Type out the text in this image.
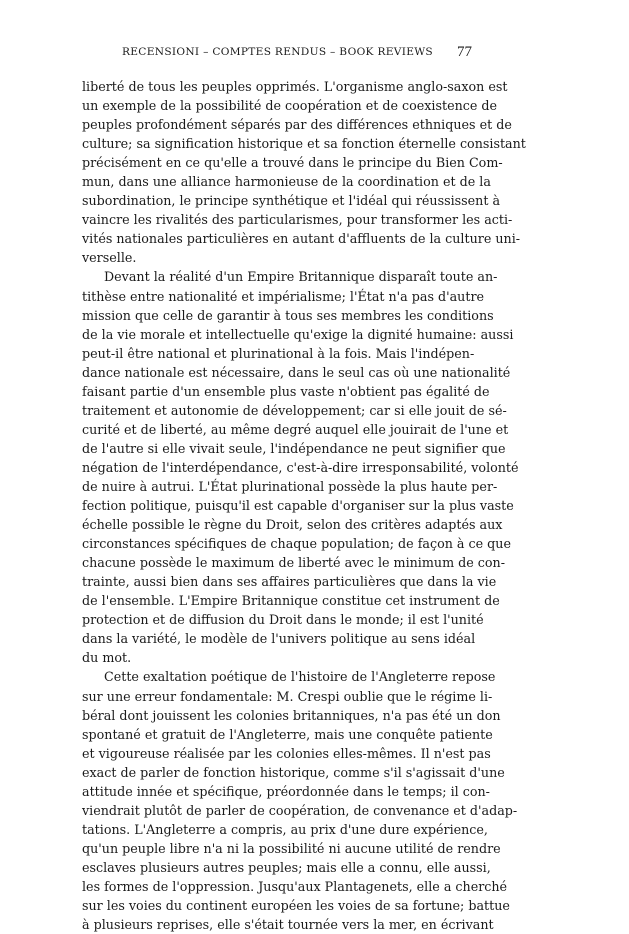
RECENSIONI – COMPTES RENDUS – BOOK REVIEWS 77
liberté de tous les peuples opprimés. L'organisme anglo-saxon est
un exemple de la possibilité de coopération et de coexistence de
peuples profondément séparés par des différences ethniques et de
culture; sa signification historique et sa fonction éternelle consistant
précisément en ce qu'elle a trouvé dans le principe du Bien Com-
mun, dans une alliance harmonieuse de la coordination et de la
subordination, le principe synthétique et l'idéal qui réussissent à
vaincre les rivalités des particularismes, pour transformer les acti-
vités nationales particulières en autant d'affluents de la culture uni-
verselle.
Devant la réalité d'un Empire Britannique disparaît toute an-
tithèse entre nationalité et impérialisme; l'État n'a pas d'autre
mission que celle de garantir à tous ses membres les conditions
de la vie morale et intellectuelle qu'exige la dignité humaine: aussi
peut-il être national et plurinational à la fois. Mais l'indépen-
dance nationale est nécessaire, dans le seul cas où une nationalité
faisant partie d'un ensemble plus vaste n'obtient pas égalité de
traitement et autonomie de développement; car si elle jouit de sé-
curité et de liberté, au même degré auquel elle jouirait de l'une et
de l'autre si elle vivait seule, l'indépendance ne peut signifier que
négation de l'interdépendance, c'est-à-dire irresponsabilité, volonté
de nuire à autrui. L'État plurinational possède la plus haute per-
fection politique, puisqu'il est capable d'organiser sur la plus vaste
échelle possible le règne du Droit, selon des critères adaptés aux
circonstances spécifiques de chaque population; de façon à ce que
chacune possède le maximum de liberté avec le minimum de con-
trainte, aussi bien dans ses affaires particulières que dans la vie
de l'ensemble. L'Empire Britannique constitue cet instrument de
protection et de diffusion du Droit dans le monde; il est l'unité
dans la variété, le modèle de l'univers politique au sens idéal
du mot.
Cette exaltation poétique de l'histoire de l'Angleterre repose
sur une erreur fondamentale: M. Crespi oublie que le régime li-
béral dont jouissent les colonies britanniques, n'a pas été un don
spontané et gratuit de l'Angleterre, mais une conquête patiente
et vigoureuse réalisée par les colonies elles-mêmes. Il n'est pas
exact de parler de fonction historique, comme s'il s'agissait d'une
attitude innée et spécifique, préordonnée dans le temps; il con-
viendrait plutôt de parler de coopération, de convenance et d'adap-
tations. L'Angleterre a compris, au prix d'une dure expérience,
qu'un peuple libre n'a ni la possibilité ni aucune utilité de rendre
esclaves plusieurs autres peuples; mais elle a connu, elle aussi,
les formes de l'oppression. Jusqu'aux Plantagenets, elle a cherché
sur les voies du continent européen les voies de sa fortune; battue
à plusieurs reprises, elle s'était tournée vers la mer, en écrivant
